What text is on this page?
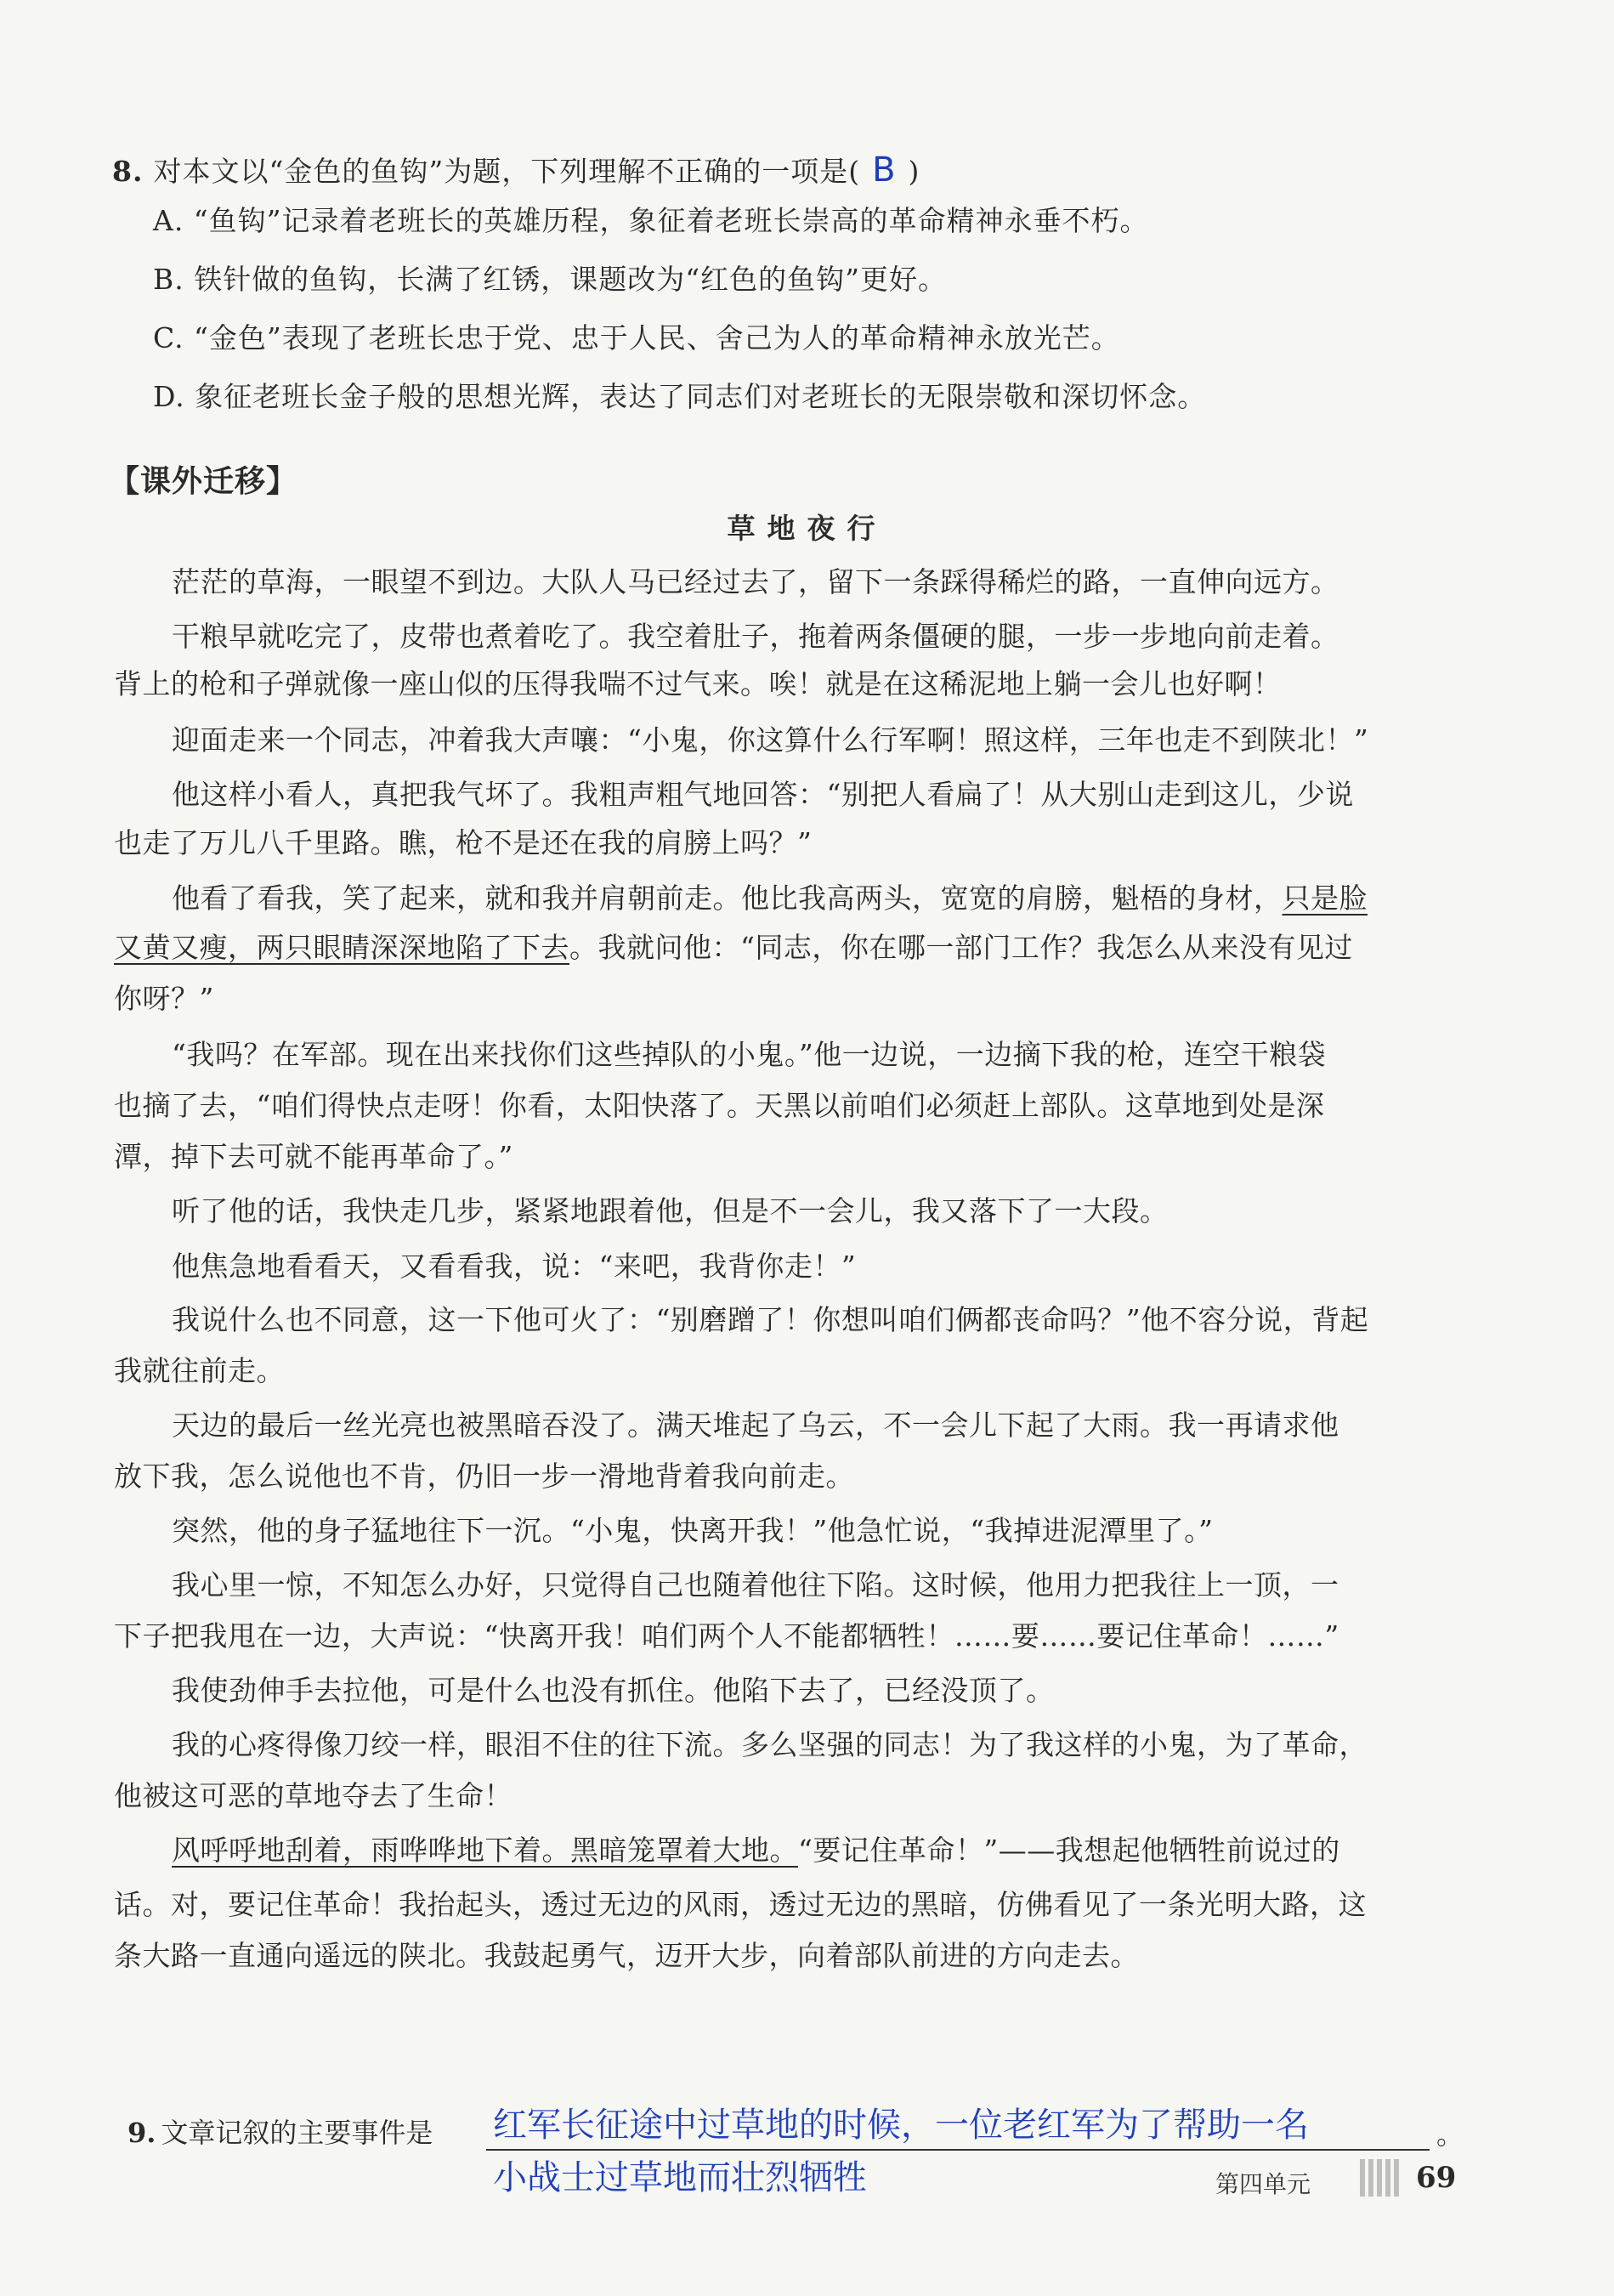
8. 对本文以“金色的鱼钩”为题，下列理解不正确的一项是( B )
A. “鱼钩”记录着老班长的英雄历程，象征着老班长崇高的革命精神永垂不朽。
B. 铁针做的鱼钩，长满了红锈，课题改为“红色的鱼钩”更好。
C. “金色”表现了老班长忠于党、忠于人民、舍己为人的革命精神永放光芒。
D. 象征老班长金子般的思想光辉，表达了同志们对老班长的无限崇敬和深切怀念。
【课外迁移】
草地夜行
茫茫的草海，一眼望不到边。大队人马已经过去了，留下一条踩得稀烂的路，一直伸向远方。
干粮早就吃完了，皮带也煮着吃了。我空着肚子，拖着两条僵硬的腿，一步一步地向前走着。
背上的枪和子弹就像一座山似的压得我喘不过气来。唉！就是在这稀泥地上躺一会儿也好啊！
迎面走来一个同志，冲着我大声嚷：“小鬼，你这算什么行军啊！照这样，三年也走不到陕北！”
他这样小看人，真把我气坏了。我粗声粗气地回答：“别把人看扁了！从大别山走到这儿，少说
也走了万儿八千里路。瞧，枪不是还在我的肩膀上吗？”
他看了看我，笑了起来，就和我并肩朝前走。他比我高两头，宽宽的肩膀，魁梧的身材，只是脸
又黄又瘦，两只眼睛深深地陷了下去。我就问他：“同志，你在哪一部门工作？我怎么从来没有见过
你呀？”
“我吗？在军部。现在出来找你们这些掉队的小鬼。”他一边说，一边摘下我的枪，连空干粮袋
也摘了去，“咱们得快点走呀！你看，太阳快落了。天黑以前咱们必须赶上部队。这草地到处是深
潭，掉下去可就不能再革命了。”
听了他的话，我快走几步，紧紧地跟着他，但是不一会儿，我又落下了一大段。
他焦急地看看天，又看看我，说：“来吧，我背你走！”
我说什么也不同意，这一下他可火了：“别磨蹭了！你想叫咱们俩都丧命吗？”他不容分说，背起
我就往前走。
天边的最后一丝光亮也被黑暗吞没了。满天堆起了乌云，不一会儿下起了大雨。我一再请求他
放下我，怎么说他也不肯，仍旧一步一滑地背着我向前走。
突然，他的身子猛地往下一沉。“小鬼，快离开我！”他急忙说，“我掉进泥潭里了。”
我心里一惊，不知怎么办好，只觉得自己也随着他往下陷。这时候，他用力把我往上一顶，一
下子把我甩在一边，大声说：“快离开我！咱们两个人不能都牺牲！……要……要记住革命！……”
我使劲伸手去拉他，可是什么也没有抓住。他陷下去了，已经没顶了。
我的心疼得像刀绞一样，眼泪不住的往下流。多么坚强的同志！为了我这样的小鬼，为了革命，
他被这可恶的草地夺去了生命！
风呼呼地刮着，雨哗哗地下着。黑暗笼罩着大地。“要记住革命！”——我想起他牺牲前说过的
话。对，要记住革命！我抬起头，透过无边的风雨，透过无边的黑暗，仿佛看见了一条光明大路，这
条大路一直通向遥远的陕北。我鼓起勇气，迈开大步，向着部队前进的方向走去。
9. 文章记叙的主要事件是 红军长征途中过草地的时候，一位老红军为了帮助一名	。
小战士过草地而壮烈牺牲	第四单元	69
